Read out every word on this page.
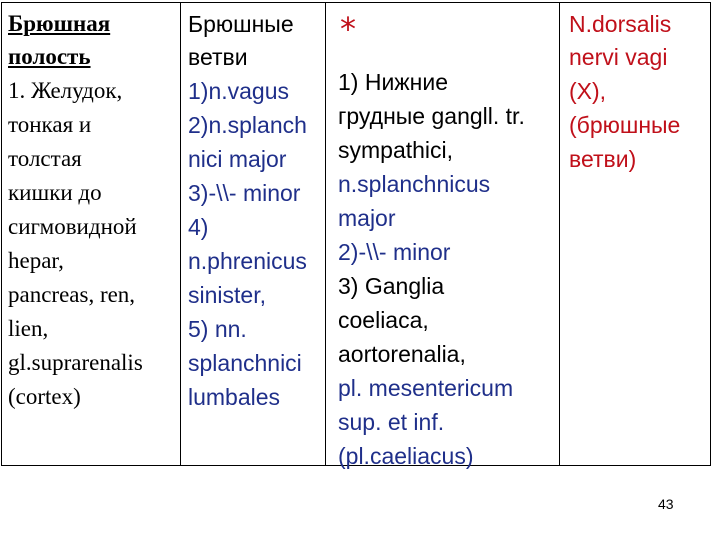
Брюшная
полость
1. Желудок,
тонкая и
толстая
кишки до
сигмовидной
hepar,
pancreas, ren,
lien,
gl.suprarenalis
(cortex)
Брюшные
ветви
1)n.vagus
2)n.splanch
nici major
3)-\\- minor
4)
n.phrenicus
sinister,
5) nn.
splanchnici
lumbales
*
1) Нижние
грудные gangll. tr.
sympathici,
n.splanchnicus
major
2)-\\- minor
3) Ganglia
coeliaca,
aortorenalia,
pl. mesentericum
sup. et inf.
(pl.caeliacus)
N.dorsalis
nervi vagi
(X),
(брюшные
ветви)
43
